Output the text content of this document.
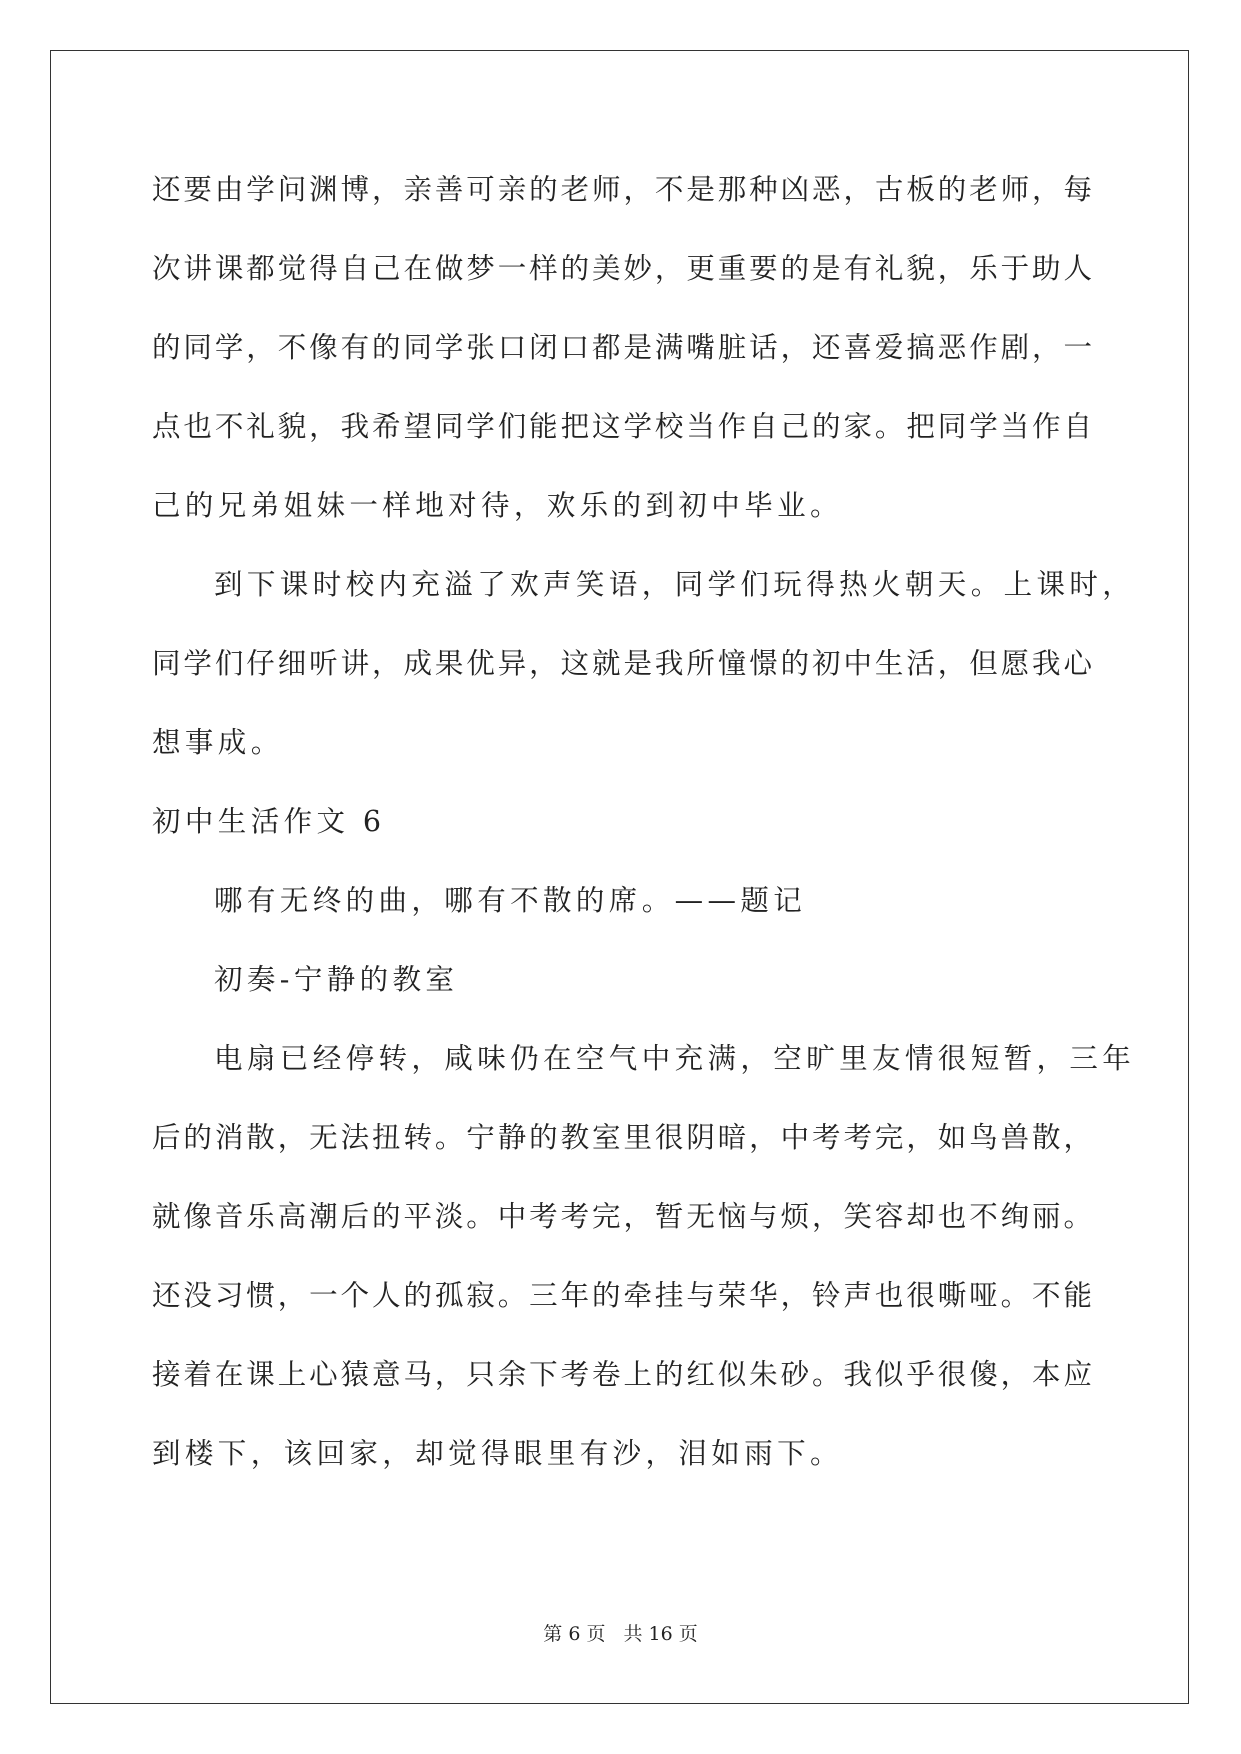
还要由学问渊博，亲善可亲的老师，不是那种凶恶，古板的老师，每
次讲课都觉得自己在做梦一样的美妙，更重要的是有礼貌，乐于助人
的同学，不像有的同学张口闭口都是满嘴脏话，还喜爱搞恶作剧，一
点也不礼貌，我希望同学们能把这学校当作自己的家。把同学当作自
己的兄弟姐妹一样地对待，欢乐的到初中毕业。
到下课时校内充溢了欢声笑语，同学们玩得热火朝天。上课时，
同学们仔细听讲，成果优异，这就是我所憧憬的初中生活，但愿我心
想事成。
初中生活作文 6
哪有无终的曲，哪有不散的席。——题记
初奏-宁静的教室
电扇已经停转，咸味仍在空气中充满，空旷里友情很短暂，三年
后的消散，无法扭转。宁静的教室里很阴暗，中考考完，如鸟兽散，
就像音乐高潮后的平淡。中考考完，暂无恼与烦，笑容却也不绚丽。
还没习惯，一个人的孤寂。三年的牵挂与荣华，铃声也很嘶哑。不能
接着在课上心猿意马，只余下考卷上的红似朱砂。我似乎很傻，本应
到楼下，该回家，却觉得眼里有沙，泪如雨下。
第 6 页 共 16 页
